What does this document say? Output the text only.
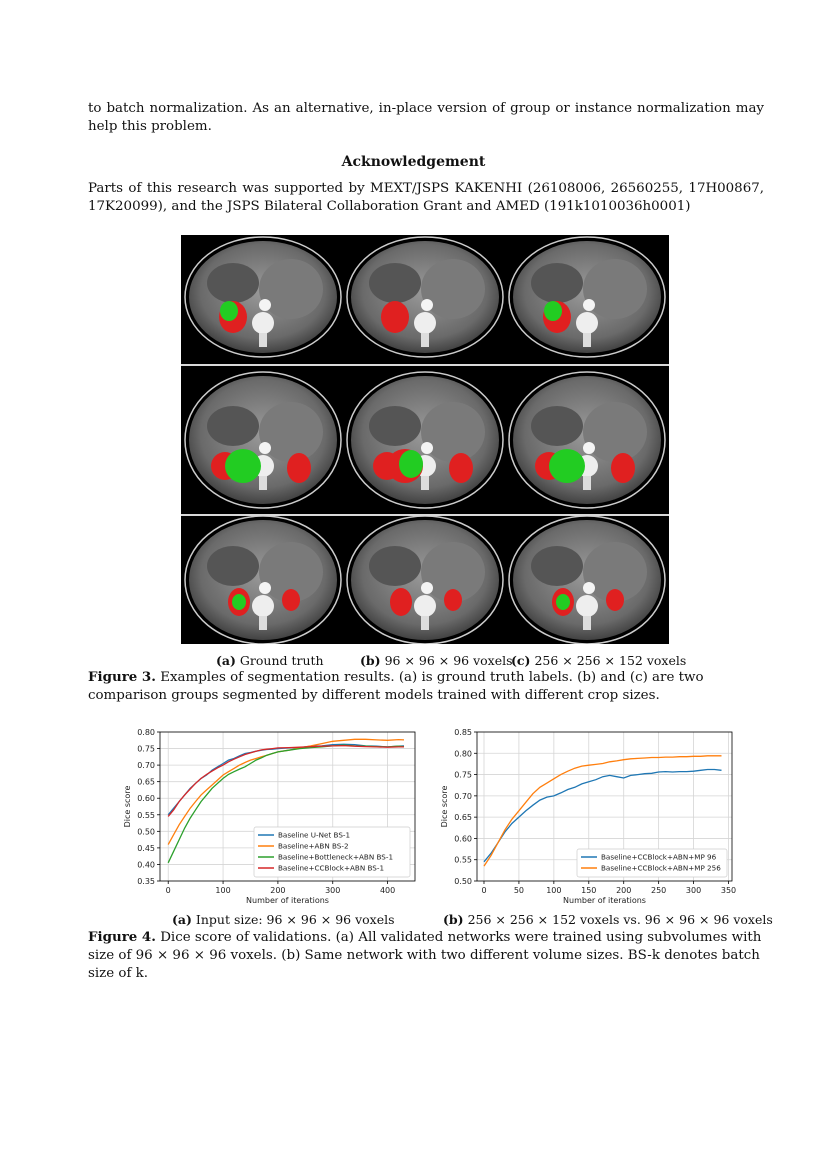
to batch normalization. As an alternative, in-place version of group or instance normalization may help this problem.
Acknowledgement
Parts of this research was supported by MEXT/JSPS KAKENHI (26108006, 26560255, 17H00867, 17K20099), and the JSPS Bilateral Collaboration Grant and AMED (191k1010036h0001)
(a) Ground truth	(b) 96 × 96 × 96 voxels
(c) 256 × 256 × 152 voxels
Figure 3. Examples of segmentation results. (a) is ground truth labels. (b) and (c) are two comparison groups segmented by different models trained with different crop sizes.
0.35
0.40
0.45
0.50
0.55
0.60
0.65
0.70
0.75
0.80
0	100	200	300	400
Number of iterations
Dice score
Baseline U-Net BS-1
Baseline+ABN BS-2
Baseline+Bottleneck+ABN BS-1
Baseline+CCBlock+ABN BS-1
0.50
0.55
0.60
0.65
0.70
0.75
0.80
0.85
0	50	100 150 200 250 300 350
Number of iterations
Dice score
Baseline+CCBlock+ABN+MP 96
Baseline+CCBlock+ABN+MP 256
(a) Input size: 96 × 96 × 96 voxels	(b) 256 × 256 × 152 voxels vs. 96 × 96 × 96 voxels
Figure 4. Dice score of validations. (a) All validated networks were trained using subvolumes with size of 96 × 96 × 96 voxels. (b) Same network with two different volume sizes. BS-k denotes batch size of k.
